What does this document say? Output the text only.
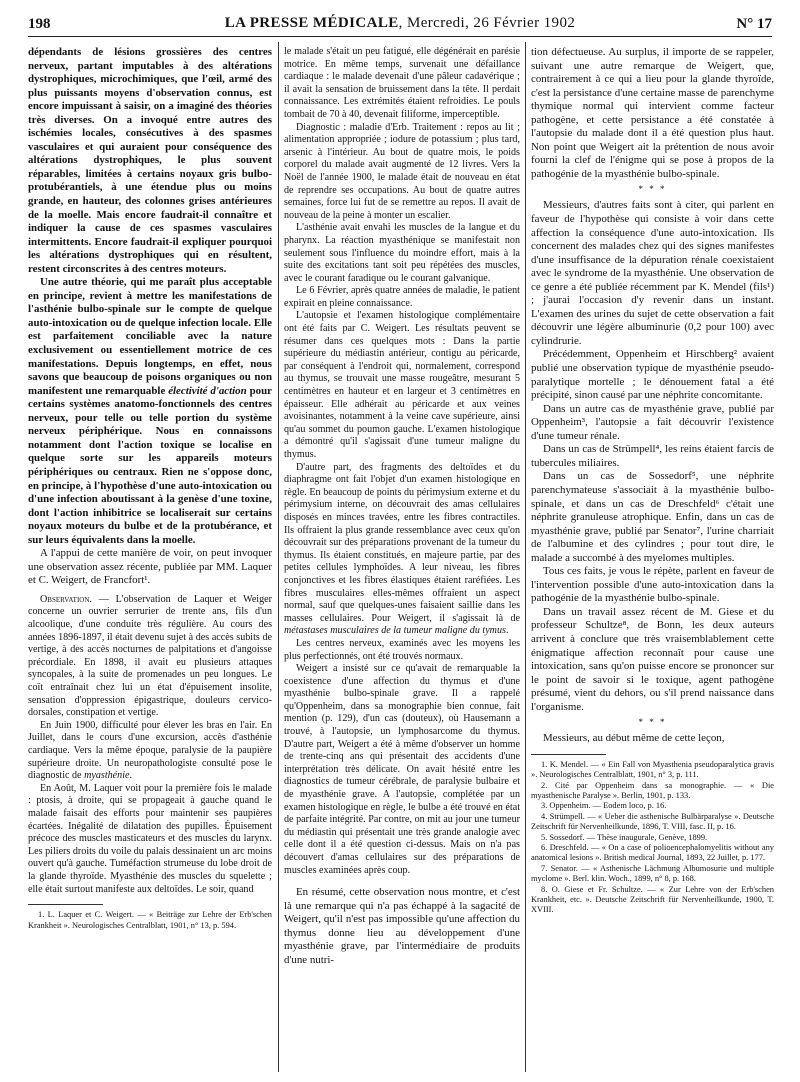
198	LA PRESSE MÉDICALE, Mercredi, 26 Février 1902	N° 17

dépendants de lésions grossières des centres nerveux, partant imputables à des altérations dystrophiques, microchimiques, que l'œil, armé des plus puissants moyens d'observation connus, est encore impuissant à saisir, on a imaginé des théories très diverses. On a invoqué entre autres des ischémies locales, consécutives à des spasmes vasculaires et qui auraient pour conséquence des altérations dystrophiques, le plus souvent réparables, limitées à certains noyaux gris bulbo-protubérantiels, à une étendue plus ou moins grande, en hauteur, des colonnes grises antérieures de la moelle. Mais encore faudrait-il connaître et indiquer la cause de ces spasmes vasculaires intermittents. Encore faudrait-il expliquer pourquoi les altérations dystrophiques qui en résultent, restent circonscrites à des centres moteurs.

Une autre théorie, qui me paraît plus acceptable en principe, revient à mettre les manifestations de l'asthénie bulbo-spinale sur le compte de quelque auto-intoxication ou de quelque infection locale. Elle est parfaitement conciliable avec la nature exclusivement ou essentiellement motrice de ces manifestations. Depuis longtemps, en effet, nous savons que beaucoup de poisons organiques ou non manifestent une remarquable électivité d'action pour certains systèmes anatomo-fonctionnels des centres nerveux, pour telle ou telle portion du système nerveux périphérique. Nous en connaissons notamment dont l'action toxique se localise en quelque sorte sur les appareils moteurs périphériques ou centraux. Rien ne s'oppose donc, en principe, à l'hypothèse d'une auto-intoxication ou d'une infection aboutissant à la genèse d'une toxine, dont l'action inhibitrice se localiserait sur certains noyaux moteurs du bulbe et de la protubérance, et sur leurs équivalents dans la moelle.

A l'appui de cette manière de voir, on peut invoquer une observation assez récente, publiée par MM. Laquer et C. Weigert, de Francfort¹.

Observation. — L'observation de Laquer et Weiger concerne un ouvrier serrurier de trente ans, fils d'un alcoolique, d'une conduite très régulière. Au cours des années 1896-1897, il était devenu sujet à des accès subits de vertige, à des accès nocturnes de palpitations et d'angoisse précordiale. En 1898, il avait eu plusieurs attaques syncopales, à la suite de promenades un peu longues. Le coït entraînait chez lui un état d'épuisement insolite, sensation d'oppression épigastrique, douleurs cervico-dorsales, constipation et vertige.

En Juin 1900, difficulté pour élever les bras en l'air. En Juillet, dans le cours d'une excursion, accès d'asthénie cardiaque. Vers la même époque, paralysie de la paupière supérieure droite. Un neuropathologiste consulté pose le diagnostic de myasthénie.

En Août, M. Laquer voit pour la première fois le malade : ptosis, à droite, qui se propageait à gauche quand le malade faisait des efforts pour maintenir ses paupières écartées. Inégalité de dilatation des pupilles. Épuisement précoce des muscles masticateurs et des muscles du larynx. Les piliers droits du voile du palais dessinaient un arc moins ouvert qu'à gauche. Tuméfaction strumeuse du lobe droit de la glande thyroïde. Myasthénie des muscles du squelette ; elle était surtout manifeste aux deltoïdes. Le soir, quand

1. L. Laquer et C. Weigert. — « Beiträge zur Lehre der Erb'schen Krankheit ». Neurologisches Centralblatt, 1901, n° 13, p. 594.

le malade s'était un peu fatigué, elle dégénérait en parésie motrice. En même temps, survenait une défaillance cardiaque : le malade devenait d'une pâleur cadavérique ; il avait la sensation de bruissement dans la tête. Il perdait connaissance. Les extrémités étaient refroidies. Le pouls tombait de 70 à 40, devenait filiforme, imperceptible.

Diagnostic : maladie d'Erb. Traitement : repos au lit ; alimentation appropriée ; iodure de potassium ; plus tard, arsenic à l'intérieur. Au bout de quatre mois, le poids corporel du malade avait augmenté de 12 livres. Vers la Noël de l'année 1900, le malade était de nouveau en état de reprendre ses occupations. Au bout de quatre autres semaines, force lui fut de se remettre au repos. Il avait de nouveau de la peine à monter un escalier.

L'asthénie avait envahi les muscles de la langue et du pharynx. La réaction myasthénique se manifestait non seulement sous l'influence du moindre effort, mais à la suite des excitations tant soit peu répétées des muscles, avec le courant faradique ou le courant galvanique.

Le 6 Février, après quatre années de maladie, le patient expirait en pleine connaissance.

L'autopsie et l'examen histologique complémentaire ont été faits par C. Weigert. Les résultats peuvent se résumer dans ces quelques mots : Dans la partie supérieure du médiastin antérieur, contigu au péricarde, par conséquent à l'endroit qui, normalement, correspond au thymus, se trouvait une masse rougeâtre, mesurant 5 centimètres en hauteur et en largeur et 3 centimètres en épaisseur. Elle adhérait au péricarde et aux veines avoisinantes, notamment à la veine cave supérieure, ainsi qu'au sommet du poumon gauche. L'examen histologique a démontré qu'il s'agissait d'une tumeur maligne du thymus.

D'autre part, des fragments des deltoïdes et du diaphragme ont fait l'objet d'un examen histologique en règle. En beaucoup de points du périmysium externe et du périmysium interne, on découvrait des amas cellulaires disposés en minces travées, entre les fibres contractiles. Ils offraient la plus grande ressemblance avec ceux qu'on découvrait sur des préparations provenant de la tumeur du thymus. Ils étaient constitués, en majeure partie, par des petites cellules lymphoïdes. A leur niveau, les fibres conjonctives et les fibres élastiques étaient raréfiées. Les fibres musculaires elles-mêmes offraient un aspect normal, sauf que quelques-unes faisaient saillie dans les masses cellulaires. Pour Weigert, il s'agissait là de métastases musculaires de la tumeur maligne du tymus.

Les centres nerveux, examinés avec les moyens les plus perfectionnés, ont été trouvés normaux.

Weigert a insisté sur ce qu'avait de remarquable la coexistence d'une affection du thymus et d'une myasthénie bulbo-spinale grave. Il a rappelé qu'Oppenheim, dans sa monographie bien connue, fait mention (p. 129), d'un cas (douteux), où Hausemann a trouvé, à l'autopsie, un lymphosarcome du thymus. D'autre part, Weigert a été à même d'observer un homme de trente-cinq ans qui présentait des accidents d'une interprétation très délicate. On avait hésité entre les diagnostics de tumeur cérébrale, de paralysie bulbaire et de myasthénie grave. A l'autopsie, complétée par un examen histologique en règle, le bulbe a été trouvé en état de parfaite intégrité. Par contre, on mit au jour une tumeur du médiastin qui présentait une très grande analogie avec celle dont il a été question ci-dessus. Mais on n'a pas découvert d'amas cellulaires sur des préparations de muscles examinées après coup.

En résumé, cette observation nous montre, et c'est là une remarque qui n'a pas échappé à la sagacité de Weigert, qu'il n'est pas impossible qu'une affection du thymus donne lieu au développement d'une myasthénie grave, par l'intermédiaire de produits d'une nutri-

tion défectueuse. Au surplus, il importe de se rappeler, suivant une autre remarque de Weigert, que, contrairement à ce qui a lieu pour la glande thyroïde, c'est la persistance d'une certaine masse de parenchyme thymique normal qui intervient comme facteur pathogène, et cette persistance a été constatée à l'autopsie du malade dont il a été question plus haut. Non point que Weigert ait la prétention de nous avoir fourni la clef de l'énigme qui se pose à propos de la pathogénie de la myasthénie bulbo-spinale.

* * *

Messieurs, d'autres faits sont à citer, qui parlent en faveur de l'hypothèse qui consiste à voir dans cette affection la conséquence d'une auto-intoxication. Ils concernent des malades chez qui des signes manifestes d'une insuffisance de la dépuration rénale coexistaient avec le syndrome de la myasthénie. Une observation de ce genre a été publiée récemment par K. Mendel (fils¹) ; j'aurai l'occasion d'y revenir dans un instant. L'examen des urines du sujet de cette observation a fait découvrir une légère albuminurie (0,2 pour 100) avec cylindrurie.

Précédemment, Oppenheim et Hirschberg² avaient publié une observation typique de myasthénie pseudo-paralytique mortelle ; le dénouement fatal a été précipité, sinon causé par une néphrite concomitante.

Dans un autre cas de myasthénie grave, publié par Oppenheim³, l'autopsie a fait découvrir l'existence d'une tumeur rénale.

Dans un cas de Strümpell⁴, les reins étaient farcis de tubercules miliaires.

Dans un cas de Sossedorf⁵, une néphrite parenchymateuse s'associait à la myasthénie bulbo-spinale, et dans un cas de Dreschfeld⁶ c'était une néphrite granuleuse atrophique. Enfin, dans un cas de myasthénie grave, publié par Senator⁷, l'urine charriait de l'albumine et des cylindres ; pour tout dire, le malade a succombé à des myelomes multiples.

Tous ces faits, je vous le répète, parlent en faveur de l'intervention possible d'une auto-intoxication dans la pathogénie de la myasthénie bulbo-spinale.

Dans un travail assez récent de M. Giese et du professeur Schultze⁸, de Bonn, les deux auteurs arrivent à conclure que très vraisemblablement cette énigmatique affection reconnaît pour cause une intoxication, sans qu'on puisse encore se prononcer sur le point de savoir si le toxique, agent pathogène présumé, vient du dehors, ou s'il prend naissance dans l'organisme.

* * *

Messieurs, au début même de cette leçon,

1. K. Mendel. — « Ein Fall von Myasthenia pseudoparalytica gravis ». Neurologisches Centralblatt, 1901, n° 3, p. 111.

2. Cité par Oppenheim dans sa monographie. — « Die myasthenische Paralyse ». Berlin, 1901, p. 133.

3. Oppenheim. — Eodem loco, p. 16.

4. Strümpell. — « Ueber die asthenische Bulbärparalyse ». Deutsche Zeitschrift für Nervenheilkunde, 1896, T. VIII, fasc. II, p. 16.

5. Sossedorf. — Thèse inaugurale, Genève, 1899.

6. Dreschfeld. — « On a case of polioencephalomyelitis without any anatomical lesions ». British medical Journal, 1893, 22 Juillet, p. 177.

7. Senator. — « Asthenische Lächmung Albumosurie und multiple myclome ». Berl. klin. Woch., 1899, n° 8, p. 168.

8. O. Giese et Fr. Schultze. — « Zur Lehre von der Erb'schen Krankheit, etc. ». Deutsche Zeitschrift für Nervenheilkunde, 1900, T. XVIII.
